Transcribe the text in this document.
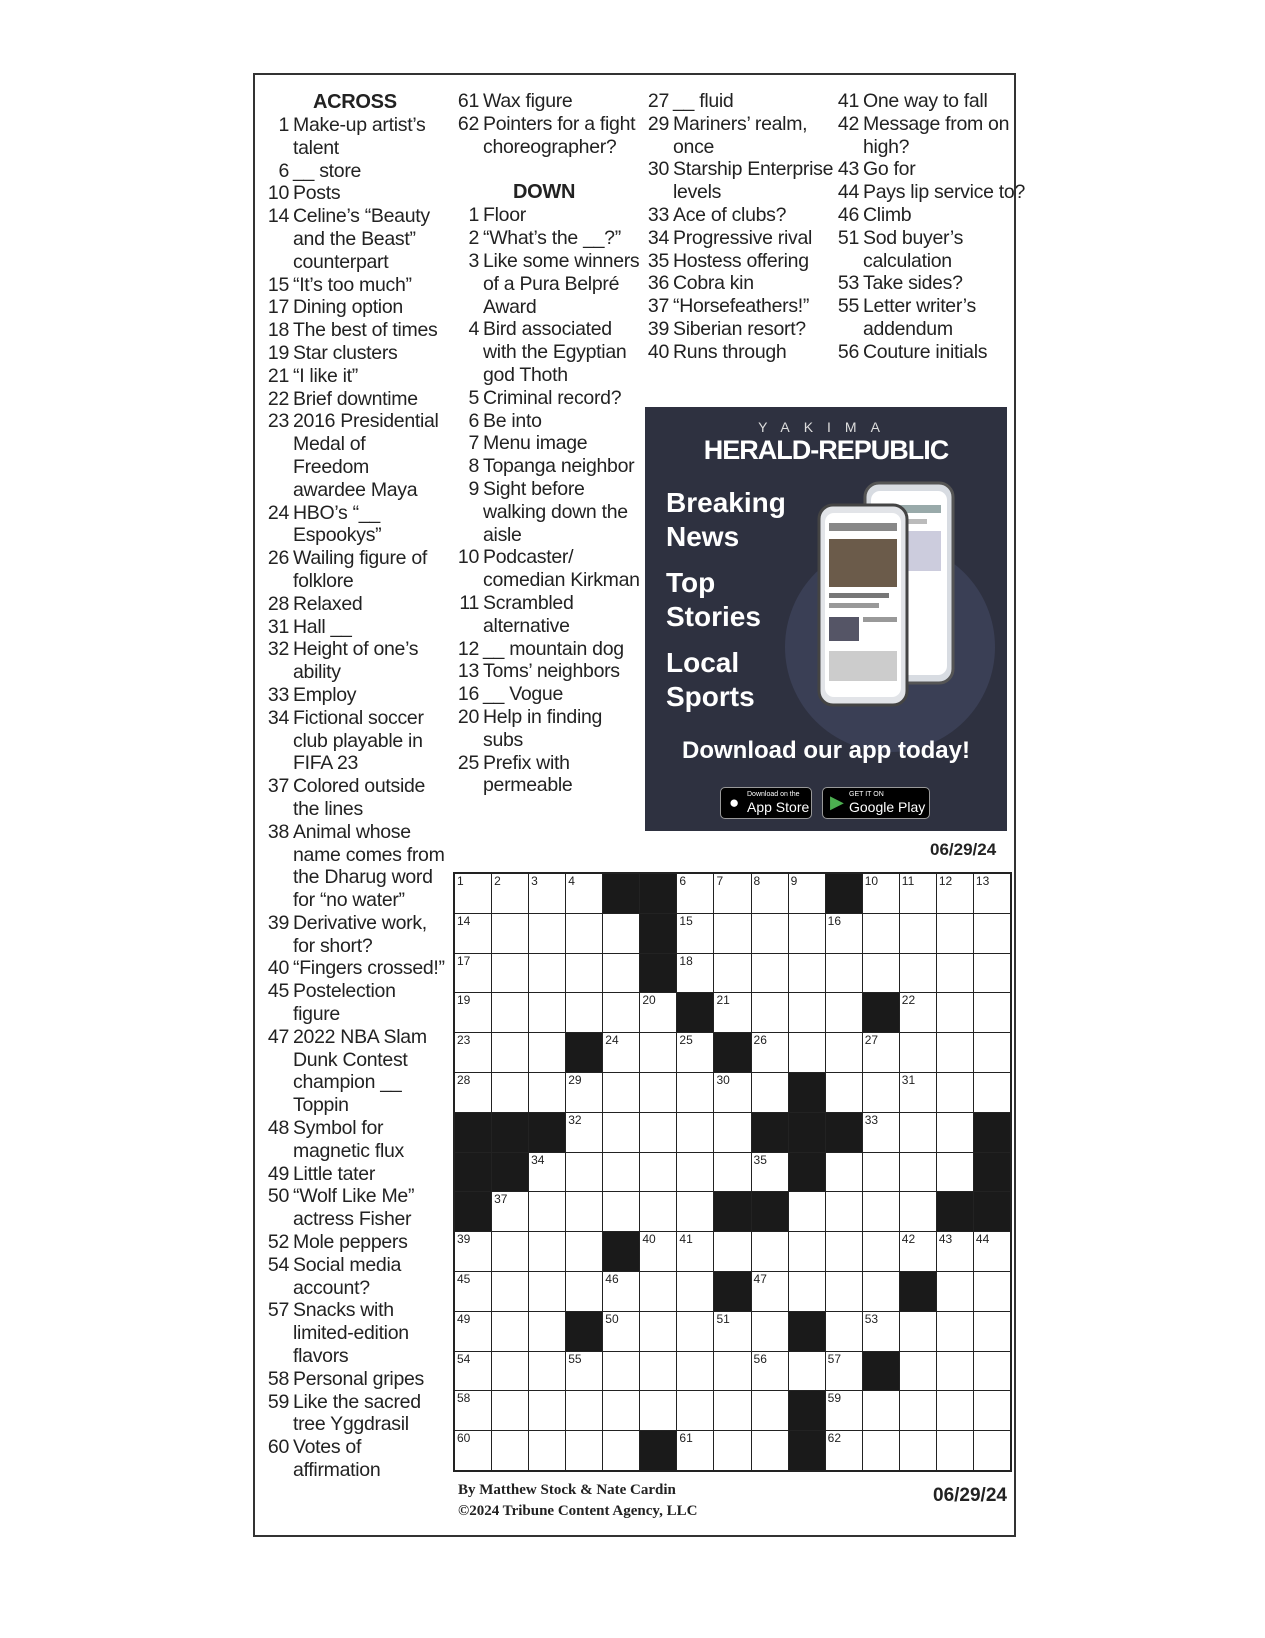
ACROSS
1 Make-up artist’s talent
6 __ store
10 Posts
14 Celine’s “Beauty and the Beast” counterpart
15 “It’s too much”
17 Dining option
18 The best of times
19 Star clusters
21 “I like it”
22 Brief downtime
23 2016 Presidential Medal of Freedom awardee Maya
24 HBO’s “__ Espookys”
26 Wailing figure of folklore
28 Relaxed
31 Hall __
32 Height of one’s ability
33 Employ
34 Fictional soccer club playable in FIFA 23
37 Colored outside the lines
38 Animal whose name comes from the Dharug word for “no water”
39 Derivative work, for short?
40 “Fingers crossed!”
45 Postelection figure
47 2022 NBA Slam Dunk Contest champion __ Toppin
48 Symbol for magnetic flux
49 Little tater
50 “Wolf Like Me” actress Fisher
52 Mole peppers
54 Social media account?
57 Snacks with limited-edition flavors
58 Personal gripes
59 Like the sacred tree Yggdrasil
60 Votes of affirmation
61 Wax figure
62 Pointers for a fight choreographer?
DOWN
1 Floor
2 “What’s the __?”
3 Like some winners of a Pura Belpré Award
4 Bird associated with the Egyptian god Thoth
5 Criminal record?
6 Be into
7 Menu image
8 Topanga neighbor
9 Sight before walking down the aisle
10 Podcaster/ comedian Kirkman
11 Scrambled alternative
12 __ mountain dog
13 Toms’ neighbors
16 __ Vogue
20 Help in finding subs
25 Prefix with permeable
27 __ fluid
29 Mariners’ realm, once
30 Starship Enterprise levels
33 Ace of clubs?
34 Progressive rival
35 Hostess offering
36 Cobra kin
37 “Horsefeathers!”
39 Siberian resort?
40 Runs through
41 One way to fall
42 Message from on high?
43 Go for
44 Pays lip service to?
46 Climb
51 Sod buyer’s calculation
53 Take sides?
55 Letter writer’s addendum
56 Couture initials
YAKIMA
HERALD-REPUBLIC
Breaking
News
Top
Stories
Local
Sports
Download our app today!
● Download on the
App Store ▶ GET IT ON
Google Play
06/29/24
1	2	3	4	6	7	8	9	10 11 12 13
14	15	16
17	18
19	20	21	22
23	24	25	26	27
28	29	30	31
32	33
34	35
37
39	40 41	42 43 44
45	46	47
49	50	51	53
54	55	56	57
58	59
60	61	62
By Matthew Stock & Nate Cardin
©2024 Tribune Content Agency, LLC
06/29/24
